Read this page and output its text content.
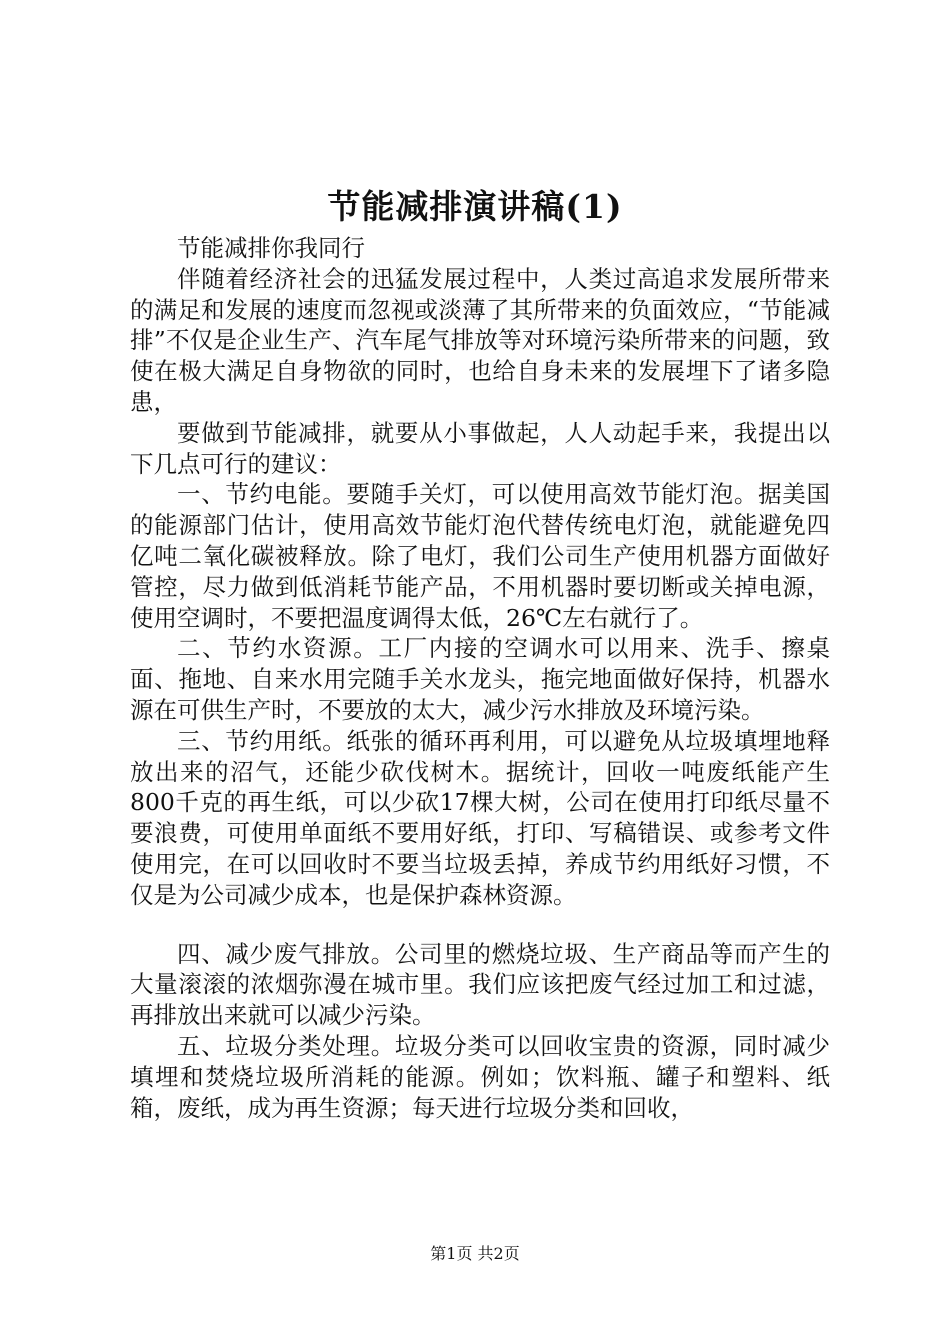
节能减排演讲稿(1)

节能减排你我同行

伴随着经济社会的迅猛发展过程中，人类过高追求发展所带来的满足和发展的速度而忽视或淡薄了其所带来的负面效应，“节能减排”不仅是企业生产、汽车尾气排放等对环境污染所带来的问题，致使在极大满足自身物欲的同时，也给自身未来的发展埋下了诸多隐患，

要做到节能减排，就要从小事做起，人人动起手来，我提出以下几点可行的建议：

一、节约电能。要随手关灯，可以使用高效节能灯泡。据美国的能源部门估计，使用高效节能灯泡代替传统电灯泡，就能避免四亿吨二氧化碳被释放。除了电灯，我们公司生产使用机器方面做好管控，尽力做到低消耗节能产品，不用机器时要切断或关掉电源，使用空调时，不要把温度调得太低，26℃左右就行了。

二、节约水资源。工厂内接的空调水可以用来、洗手、擦桌面、拖地、自来水用完随手关水龙头，拖完地面做好保持，机器水源在可供生产时，不要放的太大，减少污水排放及环境污染。

三、节约用纸。纸张的循环再利用，可以避免从垃圾填埋地释放出来的沼气，还能少砍伐树木。据统计，回收一吨废纸能产生800千克的再生纸，可以少砍17棵大树，公司在使用打印纸尽量不要浪费，可使用单面纸不要用好纸，打印、写稿错误、或参考文件使用完，在可以回收时不要当垃圾丢掉，养成节约用纸好习惯，不仅是为公司减少成本，也是保护森林资源。

四、减少废气排放。公司里的燃烧垃圾、生产商品等而产生的大量滚滚的浓烟弥漫在城市里。我们应该把废气经过加工和过滤，再排放出来就可以减少污染。

五、垃圾分类处理。垃圾分类可以回收宝贵的资源，同时减少填埋和焚烧垃圾所消耗的能源。例如；饮料瓶、罐子和塑料、纸箱，废纸，成为再生资源；每天进行垃圾分类和回收，

第1页 共2页
